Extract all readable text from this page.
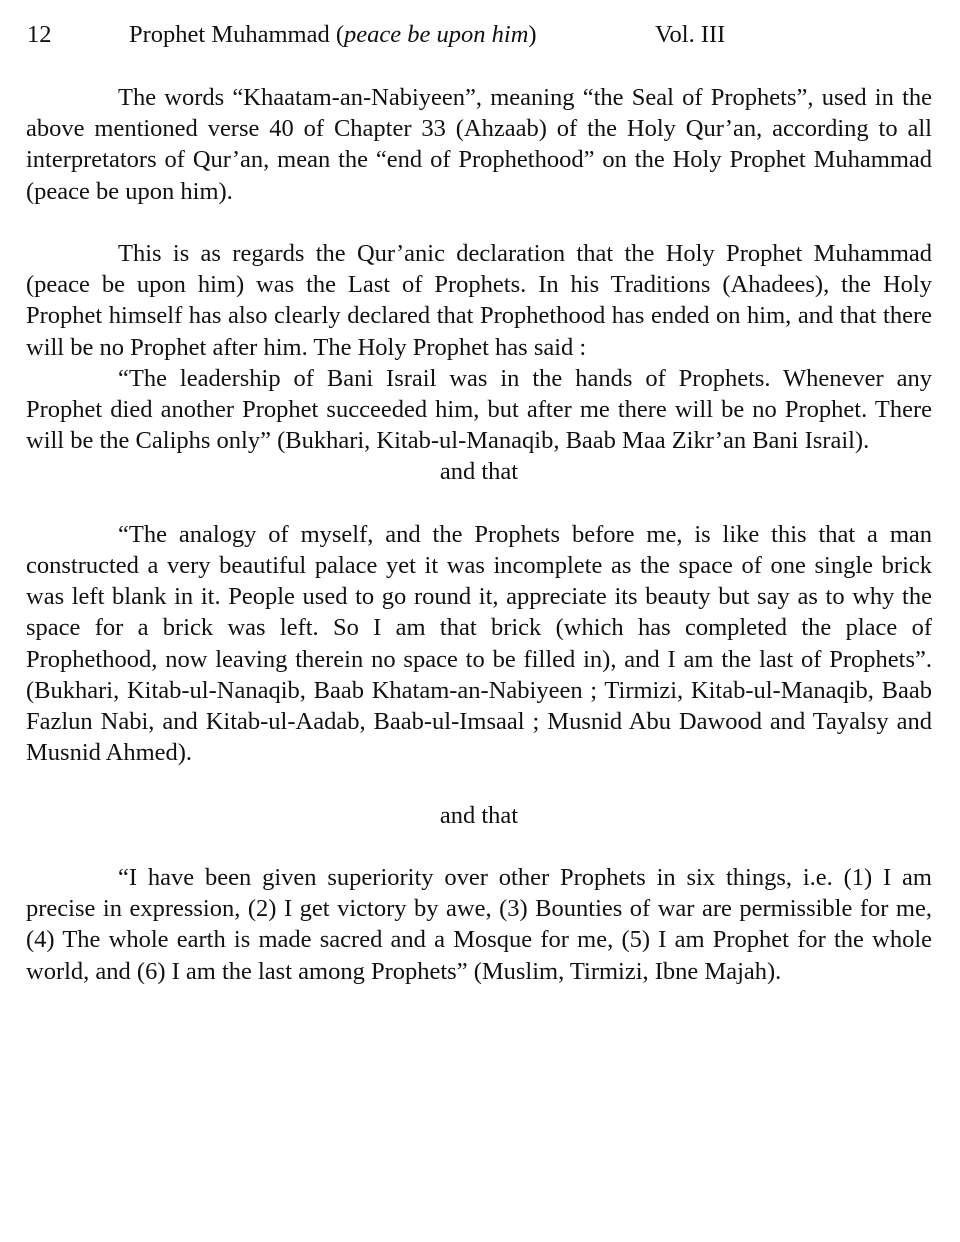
12	Prophet Muhammad (peace be upon him)	Vol. III

The words “Khaatam-an-Nabiyeen”, meaning “the Seal of Prophets”, used in the above mentioned verse 40 of Chapter 33 (Ahzaab) of the Holy Qur’an, according to all interpretators of Qur’an, mean the “end of Prophethood” on the Holy Prophet Muhammad (peace be upon him).

This is as regards the Qur’anic declaration that the Holy Prophet Muhammad (peace be upon him) was the Last of Prophets. In his Traditions (Ahadees), the Holy Prophet himself has also clearly declared that Prophethood has ended on him, and that there will be no Prophet after him. The Holy Prophet has said :

“The leadership of Bani Israil was in the hands of Prophets. Whenever any Prophet died another Prophet succeeded him, but after me there will be no Prophet. There will be the Caliphs only” (Bukhari, Kitab-ul-Manaqib, Baab Maa Zikr’an Bani Israil).

and that

“The analogy of myself, and the Prophets before me, is like this that a man constructed a very beautiful palace yet it was incomplete as the space of one single brick was left blank in it. People used to go round it, appreciate its beauty but say as to why the space for a brick was left. So I am that brick (which has completed the place of Prophethood, now leaving therein no space to be filled in), and I am the last of Prophets”. (Bukhari, Kitab-ul-Nanaqib, Baab Khatam-an-Nabiyeen ; Tirmizi, Kitab-ul-Manaqib, Baab Fazlun Nabi, and Kitab-ul-Aadab, Baab-ul-Imsaal ; Musnid Abu Dawood and Tayalsy and Musnid Ahmed).

and that

“I have been given superiority over other Prophets in six things, i.e. (1) I am precise in expression, (2) I get victory by awe, (3) Bounties of war are permissible for me, (4) The whole earth is made sacred and a Mosque for me, (5) I am Prophet for the whole world, and (6) I am the last among Prophets” (Muslim, Tirmizi, Ibne Majah).
